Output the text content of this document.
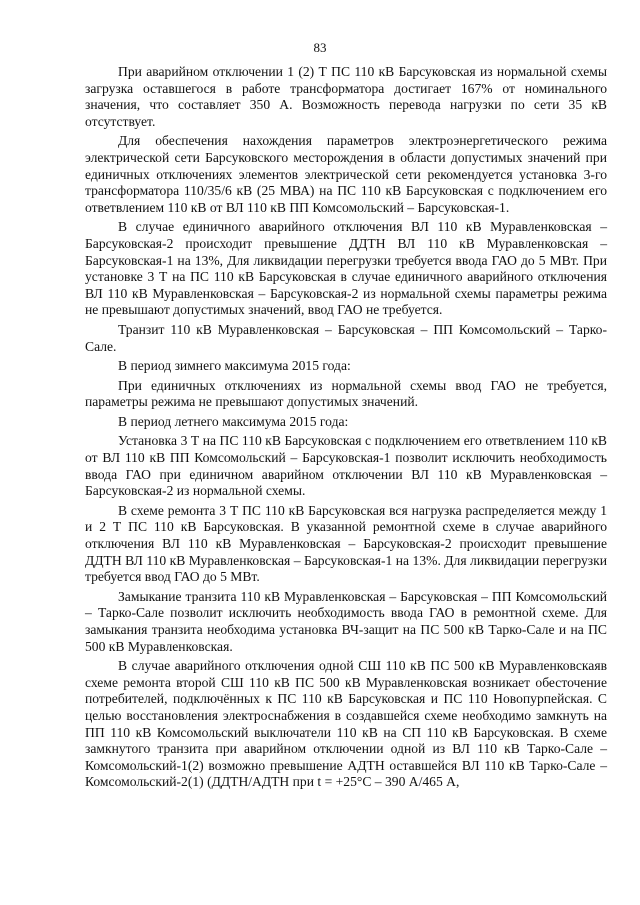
83

При аварийном отключении 1 (2) Т ПС 110 кВ Барсуковская из нормальной схемы загрузка оставшегося в работе трансформатора достигает 167% от номинального значения, что составляет 350 А. Возможность перевода нагрузки по сети 35 кВ отсутствует.

Для обеспечения нахождения параметров электроэнергетического режима электрической сети Барсуковского месторождения в области допустимых значений при единичных отключениях элементов электрической сети рекомендуется установка 3-го трансформатора 110/35/6 кВ (25 МВА) на ПС 110 кВ Барсуковская с подключением его ответвлением 110 кВ от ВЛ 110 кВ ПП Комсомольский – Барсуковская-1.

В случае единичного аварийного отключения ВЛ 110 кВ Муравленковская – Барсуковская-2 происходит превышение ДДТН ВЛ 110 кВ Муравленковская – Барсуковская-1 на 13%, Для ликвидации перегрузки требуется ввода ГАО до 5 МВт. При установке 3 Т на ПС 110 кВ Барсуковская в случае единичного аварийного отключения ВЛ 110 кВ Муравленковская – Барсуковская-2 из нормальной схемы параметры режима не превышают допустимых значений, ввод ГАО не требуется.

Транзит 110 кВ Муравленковская – Барсуковская – ПП Комсомольский – Тарко-Сале.

В период зимнего максимума 2015 года:

При единичных отключениях из нормальной схемы ввод ГАО не требуется, параметры режима не превышают допустимых значений.

В период летнего максимума 2015 года:

Установка 3 Т на ПС 110 кВ Барсуковская с подключением его ответвлением 110 кВ от ВЛ 110 кВ ПП Комсомольский – Барсуковская-1 позволит исключить необходимость ввода ГАО при единичном аварийном отключении ВЛ 110 кВ Муравленковская – Барсуковская-2 из нормальной схемы.

В схеме ремонта 3 Т ПС 110 кВ Барсуковская вся нагрузка распределяется между 1 и 2 Т ПС 110 кВ Барсуковская. В указанной ремонтной схеме в случае аварийного отключения ВЛ 110 кВ Муравленковская – Барсуковская-2 происходит превышение ДДТН ВЛ 110 кВ Муравленковская – Барсуковская-1 на 13%. Для ликвидации перегрузки требуется ввод ГАО до 5 МВт.

Замыкание транзита 110 кВ Муравленковская – Барсуковская – ПП Комсомольский – Тарко-Сале позволит исключить необходимость ввода ГАО в ремонтной схеме. Для замыкания транзита необходима установка ВЧ-защит на ПС 500 кВ Тарко-Сале и на ПС 500 кВ Муравленковская.

В случае аварийного отключения одной СШ 110 кВ ПС 500 кВ Муравленковскаяв схеме ремонта второй СШ 110 кВ ПС 500 кВ Муравленковская возникает обесточение потребителей, подключённых к ПС 110 кВ Барсуковская и ПС 110 Новопурпейская. С целью восстановления электроснабжения в создавшейся схеме необходимо замкнуть на ПП 110 кВ Комсомольский выключатели 110 кВ на СП 110 кВ Барсуковская. В схеме замкнутого транзита при аварийном отключении одной из ВЛ 110 кВ Тарко-Сале – Комсомольский-1(2) возможно превышение АДТН оставшейся ВЛ 110 кВ Тарко-Сале – Комсомольский-2(1) (ДДТН/АДТН при t = +25°C – 390 А/465 А,
